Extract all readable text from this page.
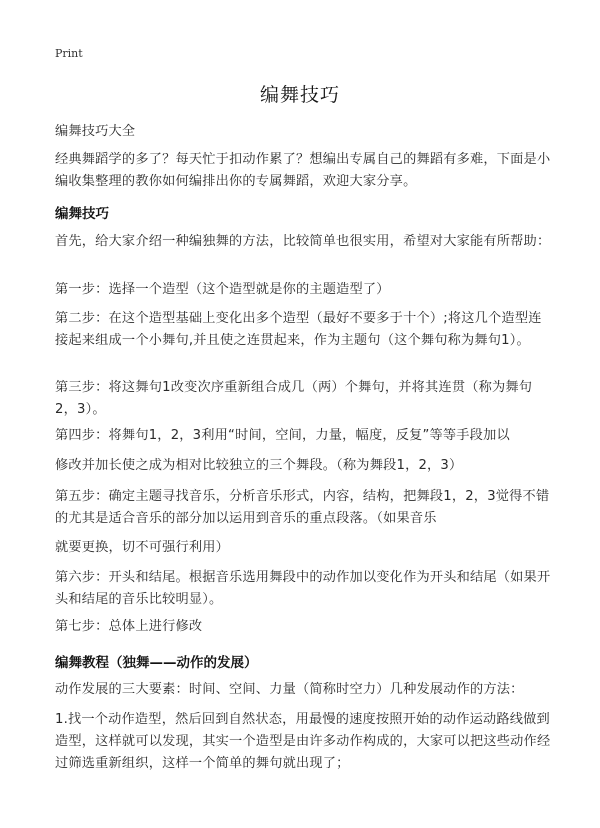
Print
编舞技巧

编舞技巧大全

经典舞蹈学的多了？每天忙于扣动作累了？想编出专属自己的舞蹈有多难，下面是小编收集整理的教你如何编排出你的专属舞蹈，欢迎大家分享。

编舞技巧

首先，给大家介绍一种编独舞的方法，比较简单也很实用，希望对大家能有所帮助：

第一步：选择一个造型（这个造型就是你的主题造型了）

第二步：在这个造型基础上变化出多个造型（最好不要多于十个）;将这几个造型连接起来组成一个小舞句,并且使之连贯起来，作为主题句（这个舞句称为舞句1）。

第三步：将这舞句1改变次序重新组合成几（两）个舞句，并将其连贯（称为舞句2，3）。

第四步：将舞句1，2，3利用“时间，空间，力量，幅度，反复”等等手段加以

修改并加长使之成为相对比较独立的三个舞段。（称为舞段1，2，3）

第五步：确定主题寻找音乐，分析音乐形式，内容，结构，把舞段1，2，3觉得不错的尤其是适合音乐的部分加以运用到音乐的重点段落。（如果音乐

就要更换，切不可强行利用）

第六步：开头和结尾。根据音乐选用舞段中的动作加以变化作为开头和结尾（如果开头和结尾的音乐比较明显）。

第七步：总体上进行修改

编舞教程（独舞——动作的发展）

动作发展的三大要素：时间、空间、力量（简称时空力）几种发展动作的方法：

1.找一个动作造型，然后回到自然状态，用最慢的速度按照开始的动作运动路线做到造型，这样就可以发现，其实一个造型是由许多动作构成的，大家可以把这些动作经过筛选重新组织，这样一个简单的舞句就出现了；
